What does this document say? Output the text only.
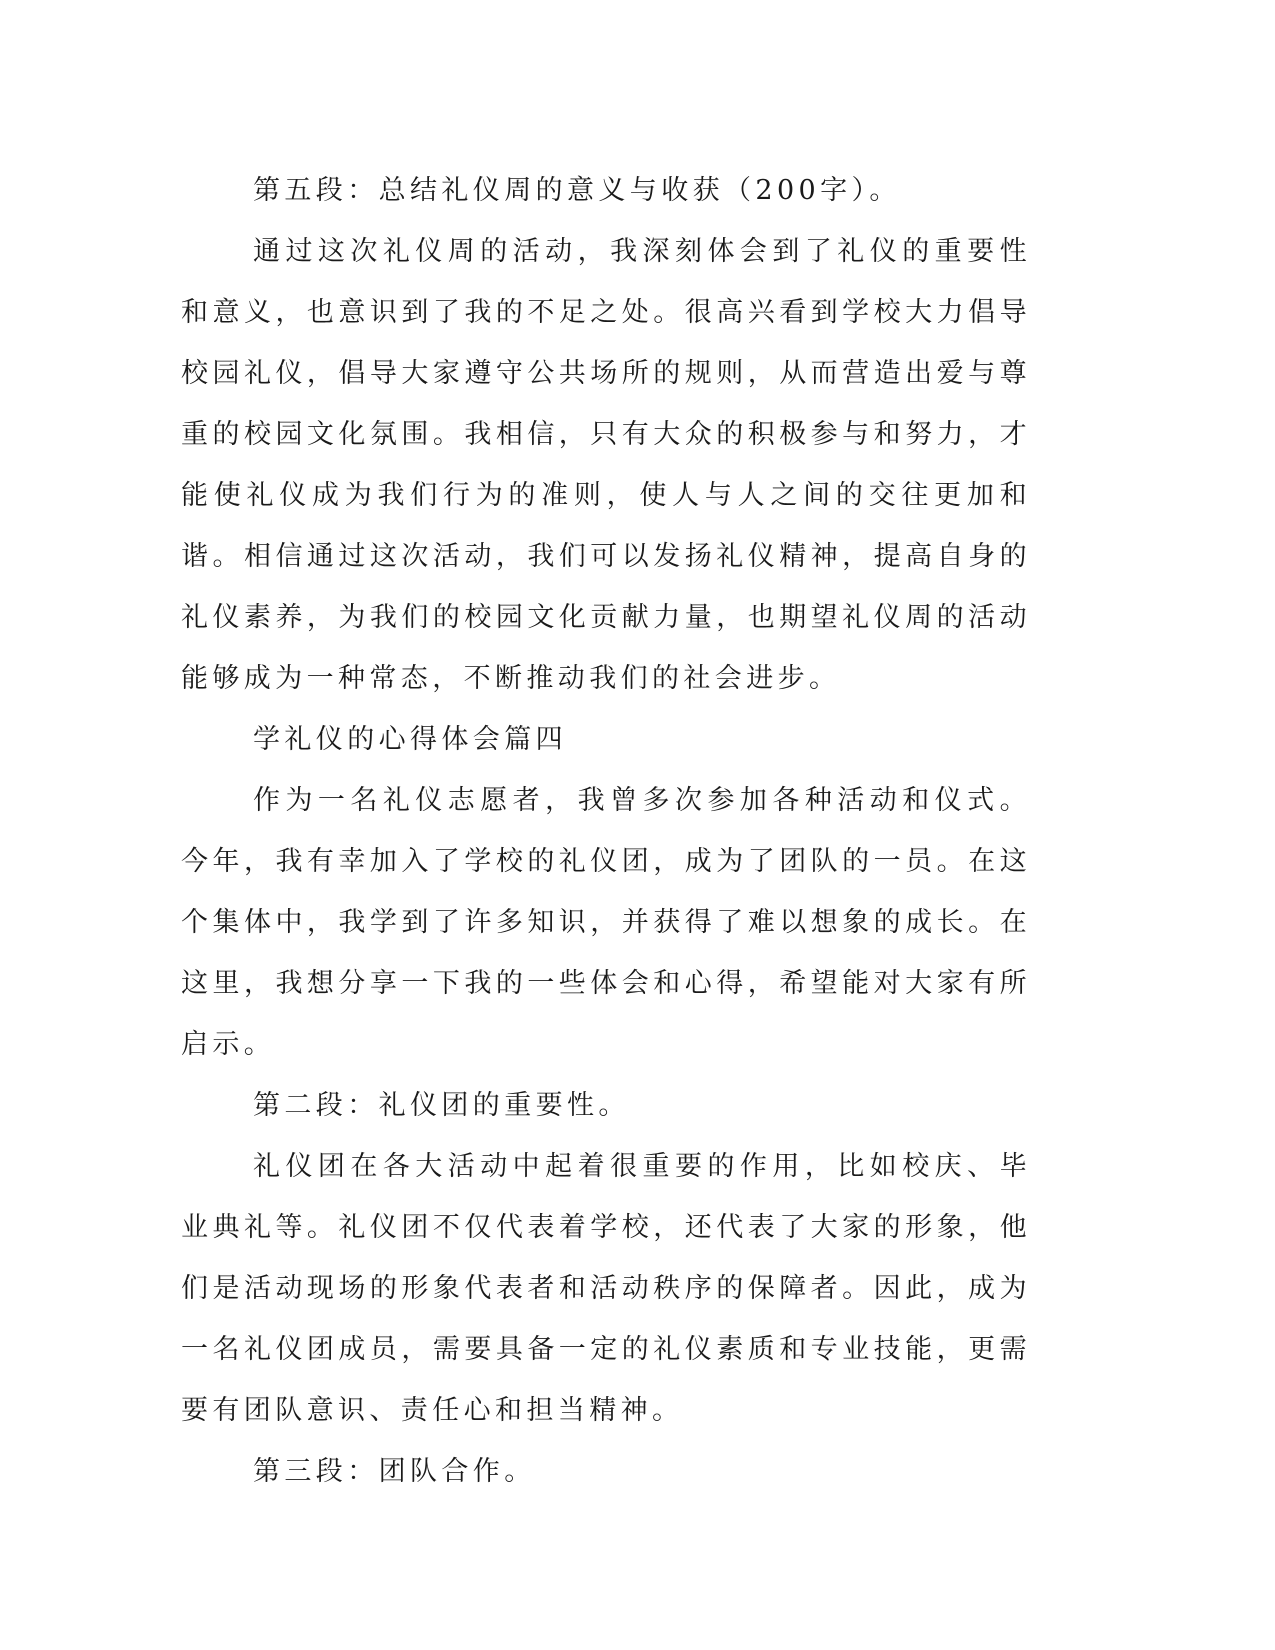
第五段：总结礼仪周的意义与收获（200字）。

通过这次礼仪周的活动，我深刻体会到了礼仪的重要性和意义，也意识到了我的不足之处。很高兴看到学校大力倡导校园礼仪，倡导大家遵守公共场所的规则，从而营造出爱与尊重的校园文化氛围。我相信，只有大众的积极参与和努力，才能使礼仪成为我们行为的准则，使人与人之间的交往更加和谐。相信通过这次活动，我们可以发扬礼仪精神，提高自身的礼仪素养，为我们的校园文化贡献力量，也期望礼仪周的活动能够成为一种常态，不断推动我们的社会进步。

学礼仪的心得体会篇四

作为一名礼仪志愿者，我曾多次参加各种活动和仪式。今年，我有幸加入了学校的礼仪团，成为了团队的一员。在这个集体中，我学到了许多知识，并获得了难以想象的成长。在这里，我想分享一下我的一些体会和心得，希望能对大家有所启示。

第二段：礼仪团的重要性。

礼仪团在各大活动中起着很重要的作用，比如校庆、毕业典礼等。礼仪团不仅代表着学校，还代表了大家的形象，他们是活动现场的形象代表者和活动秩序的保障者。因此，成为一名礼仪团成员，需要具备一定的礼仪素质和专业技能，更需要有团队意识、责任心和担当精神。

第三段：团队合作。
